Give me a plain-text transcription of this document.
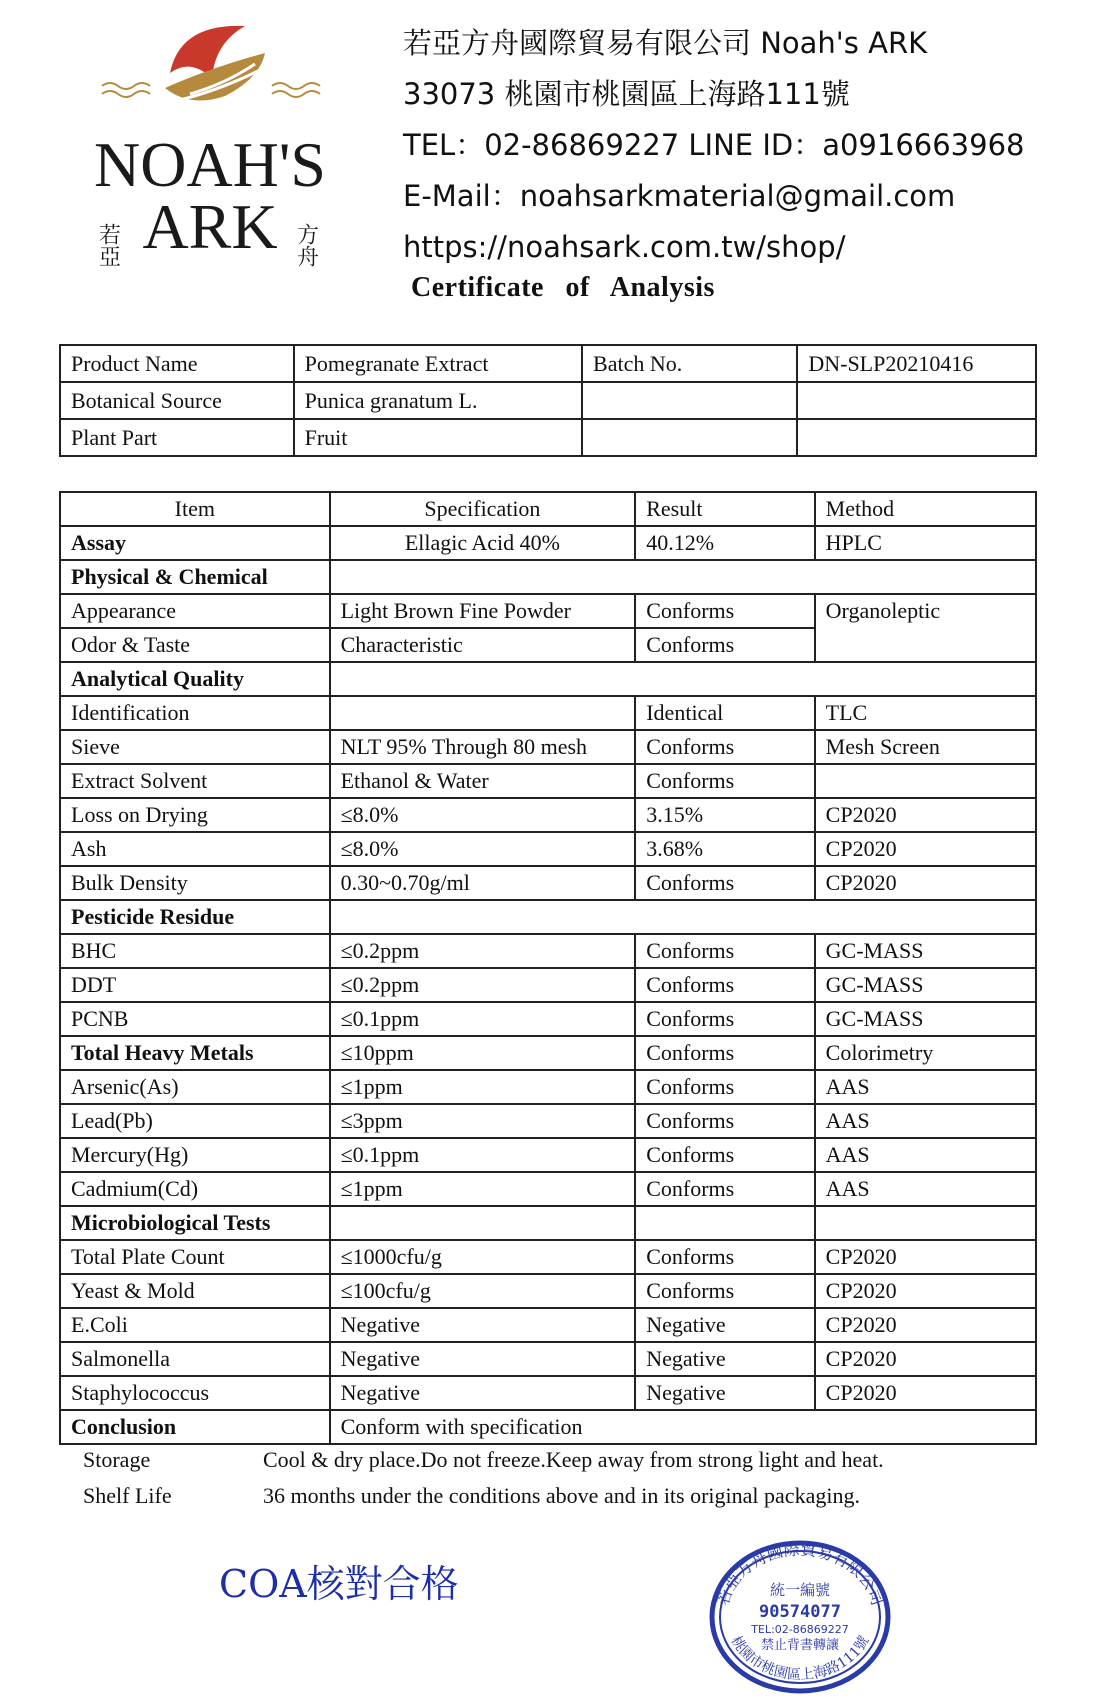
NOAH'S
ARK
若亞	方舟
若亞方舟國際貿易有限公司 Noah's ARK
33073 桃園市桃園區上海路111號
TEL：02-86869227 LINE ID：a0916663968
E-Mail：noahsarkmaterial@gmail.com
https://noahsark.com.tw/shop/
Certificate of Analysis
Product Name	Pomegranate Extract	Batch No.	DN-SLP20210416
Botanical Source	Punica granatum L.		
Plant Part	Fruit		
Item	Specification	Result	Method
Assay	Ellagic Acid 40%	40.12%	HPLC
Physical & Chemical			
Appearance	Light Brown Fine Powder	Conforms	Organoleptic
Odor & Taste	Characteristic	Conforms	
Analytical Quality			
Identification		Identical	TLC
Sieve	NLT 95% Through 80 mesh	Conforms	Mesh Screen
Extract Solvent	Ethanol & Water	Conforms	
Loss on Drying	≤8.0%	3.15%	CP2020
Ash	≤8.0%	3.68%	CP2020
Bulk Density	0.30~0.70g/ml	Conforms	CP2020
Pesticide Residue			
BHC	≤0.2ppm	Conforms	GC-MASS
DDT	≤0.2ppm	Conforms	GC-MASS
PCNB	≤0.1ppm	Conforms	GC-MASS
Total Heavy Metals	≤10ppm	Conforms	Colorimetry
Arsenic(As)	≤1ppm	Conforms	AAS
Lead(Pb)	≤3ppm	Conforms	AAS
Mercury(Hg)	≤0.1ppm	Conforms	AAS
Cadmium(Cd)	≤1ppm	Conforms	AAS
Microbiological Tests			
Total Plate Count	≤1000cfu/g	Conforms	CP2020
Yeast & Mold	≤100cfu/g	Conforms	CP2020
E.Coli	Negative	Negative	CP2020
Salmonella	Negative	Negative	CP2020
Staphylococcus	Negative	Negative	CP2020
Conclusion	Conform with specification		
Storage	Cool & dry place.Do not freeze.Keep away from strong light and heat.
Shelf Life	36 months under the conditions above and in its original packaging.
COA核對合格	若亞方舟國際貿易有限公司
桃園市桃園區上海路111號
統一編號
90574077
TEL:02-86869227
禁止背書轉讓
